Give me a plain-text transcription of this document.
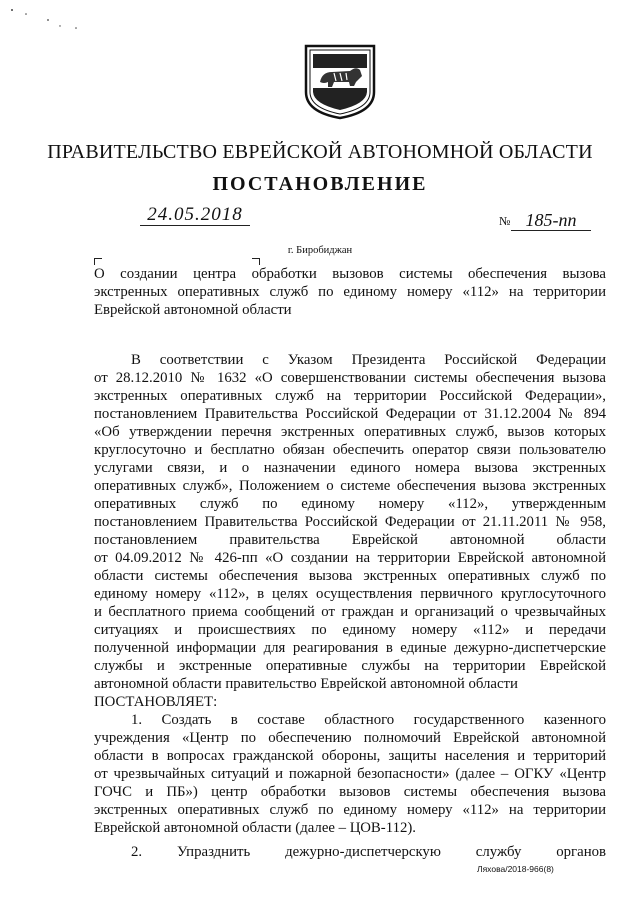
ПРАВИТЕЛЬСТВО ЕВРЕЙСКОЙ АВТОНОМНОЙ ОБЛАСТИ
ПОСТАНОВЛЕНИЕ
24.05.2018	№ 185-пп
г. Биробиджан
О создании центра обработки вызовов системы обеспечения вызова
экстренных оперативных служб по единому номеру «112» на территории
Еврейской автономной области
В соответствии с Указом Президента Российской Федерации
от 28.12.2010 № 1632 «О совершенствовании системы обеспечения вызова
экстренных оперативных служб на территории Российской Федерации»,
постановлением Правительства Российской Федерации от 31.12.2004 № 894
«Об утверждении перечня экстренных оперативных служб, вызов которых
круглосуточно и бесплатно обязан обеспечить оператор связи пользователю
услугами связи, и о назначении единого номера вызова экстренных
оперативных служб», Положением о системе обеспечения вызова экстренных
оперативных служб по единому номеру «112», утвержденным
постановлением Правительства Российской Федерации от 21.11.2011 № 958,
постановлением правительства Еврейской автономной области
от 04.09.2012 № 426-пп «О создании на территории Еврейской автономной
области системы обеспечения вызова экстренных оперативных служб по
единому номеру «112», в целях осуществления первичного круглосуточного
и бесплатного приема сообщений от граждан и организаций о чрезвычайных
ситуациях и происшествиях по единому номеру «112» и передачи
полученной информации для реагирования в единые дежурно-диспетчерские
службы и экстренные оперативные службы на территории Еврейской
автономной области правительство Еврейской автономной области
ПОСТАНОВЛЯЕТ:
1. Создать в составе областного государственного казенного
учреждения «Центр по обеспечению полномочий Еврейской автономной
области в вопросах гражданской обороны, защиты населения и территорий
от чрезвычайных ситуаций и пожарной безопасности» (далее – ОГКУ «Центр
ГОЧС и ПБ») центр обработки вызовов системы обеспечения вызова
экстренных оперативных служб по единому номеру «112» на территории
Еврейской автономной области (далее – ЦОВ-112).
2. Упразднить дежурно-диспетчерскую службу органов
Ляхова/2018-966(8)
